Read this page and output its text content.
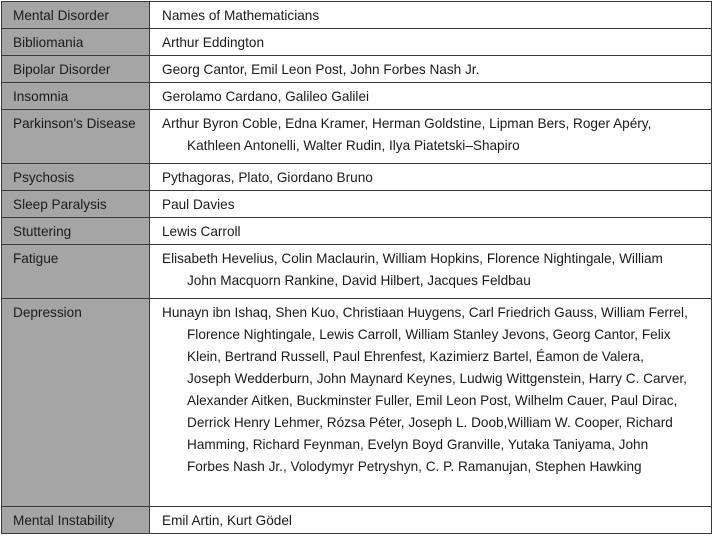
Mental Disorder	Names of Mathematicians

Bibliomania	Arthur Eddington

Bipolar Disorder	Georg Cantor, Emil Leon Post, John Forbes Nash Jr.

Insomnia	Gerolamo Cardano, Galileo Galilei

Parkinson's Disease	Arthur Byron Coble, Edna Kramer, Herman Goldstine, Lipman Bers, Roger Apéry, Kathleen Antonelli, Walter Rudin, Ilya Piatetski–Shapiro

Psychosis	Pythagoras, Plato, Giordano Bruno

Sleep Paralysis	Paul Davies

Stuttering	Lewis Carroll

Fatigue	Elisabeth Hevelius, Colin Maclaurin, William Hopkins, Florence Nightingale, William John Macquorn Rankine, David Hilbert, Jacques Feldbau

Depression	Hunayn ibn Ishaq, Shen Kuo, Christiaan Huygens, Carl Friedrich Gauss, William Ferrel, Florence Nightingale, Lewis Carroll, William Stanley Jevons, Georg Cantor, Felix Klein, Bertrand Russell, Paul Ehrenfest, Kazimierz Bartel, Éamon de Valera, Joseph Wedderburn, John Maynard Keynes, Ludwig Wittgenstein, Harry C. Carver, Alexander Aitken, Buckminster Fuller, Emil Leon Post, Wilhelm Cauer, Paul Dirac, Derrick Henry Lehmer, Rózsa Péter, Joseph L. Doob,William W. Cooper, Richard Hamming, Richard Feynman, Evelyn Boyd Granville, Yutaka Taniyama, John Forbes Nash Jr., Volodymyr Petryshyn, C. P. Ramanujan, Stephen Hawking

Mental Instability	Emil Artin, Kurt Gödel
